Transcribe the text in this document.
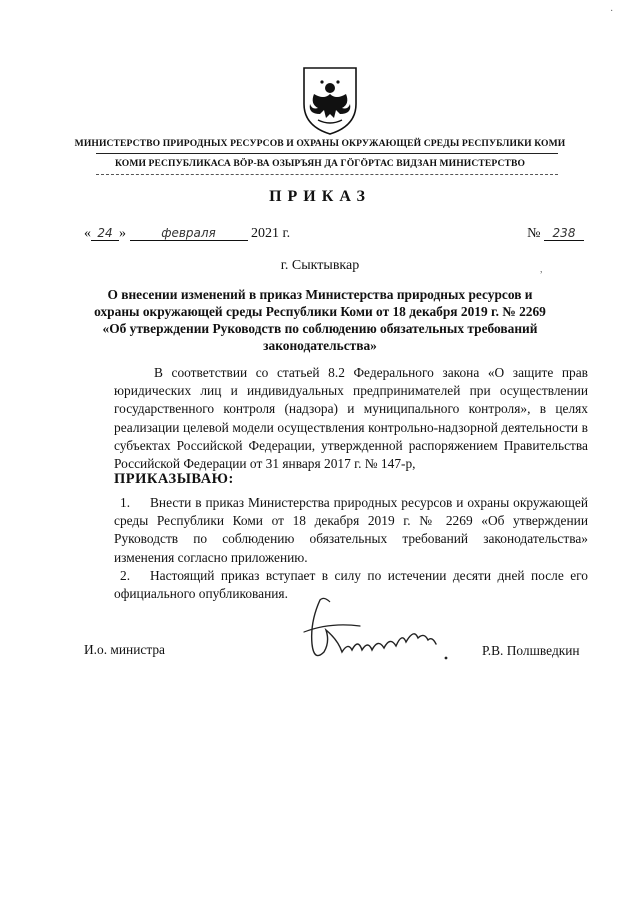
МИНИСТЕРСТВО ПРИРОДНЫХ РЕСУРСОВ И ОХРАНЫ ОКРУЖАЮЩЕЙ СРЕДЫ РЕСПУБЛИКИ КОМИ
КОМИ РЕСПУБЛИКАСА ВӦР-ВА ОЗЫРЪЯН ДА ГӦГӦРТАС ВИДЗАН МИНИСТЕРСТВО
ПРИКАЗ
« 24 »	февраля	2021 г.	№ 238
г. Сыктывкар
О внесении изменений в приказ Министерства природных ресурсов и охраны окружающей среды Республики Коми от 18 декабря 2019 г. № 2269 «Об утверждении Руководств по соблюдению обязательных требований законодательства»
В соответствии со статьей 8.2 Федерального закона «О защите прав юридических лиц и индивидуальных предпринимателей при осуществлении государственного контроля (надзора) и муниципального контроля», в целях реализации целевой модели осуществления контрольно-надзорной деятельности в субъектах Российской Федерации, утвержденной распоряжением Правительства Российской Федерации от 31 января 2017 г. № 147-р,
ПРИКАЗЫВАЮ:
1. Внести в приказ Министерства природных ресурсов и охраны окружающей среды Республики Коми от 18 декабря 2019 г. № 2269 «Об утверждении Руководств по соблюдению обязательных требований законодательства» изменения согласно приложению.
2. Настоящий приказ вступает в силу по истечении десяти дней после его официального опубликования.
И.о. министра	Р.В. Полшведкин
·
,
